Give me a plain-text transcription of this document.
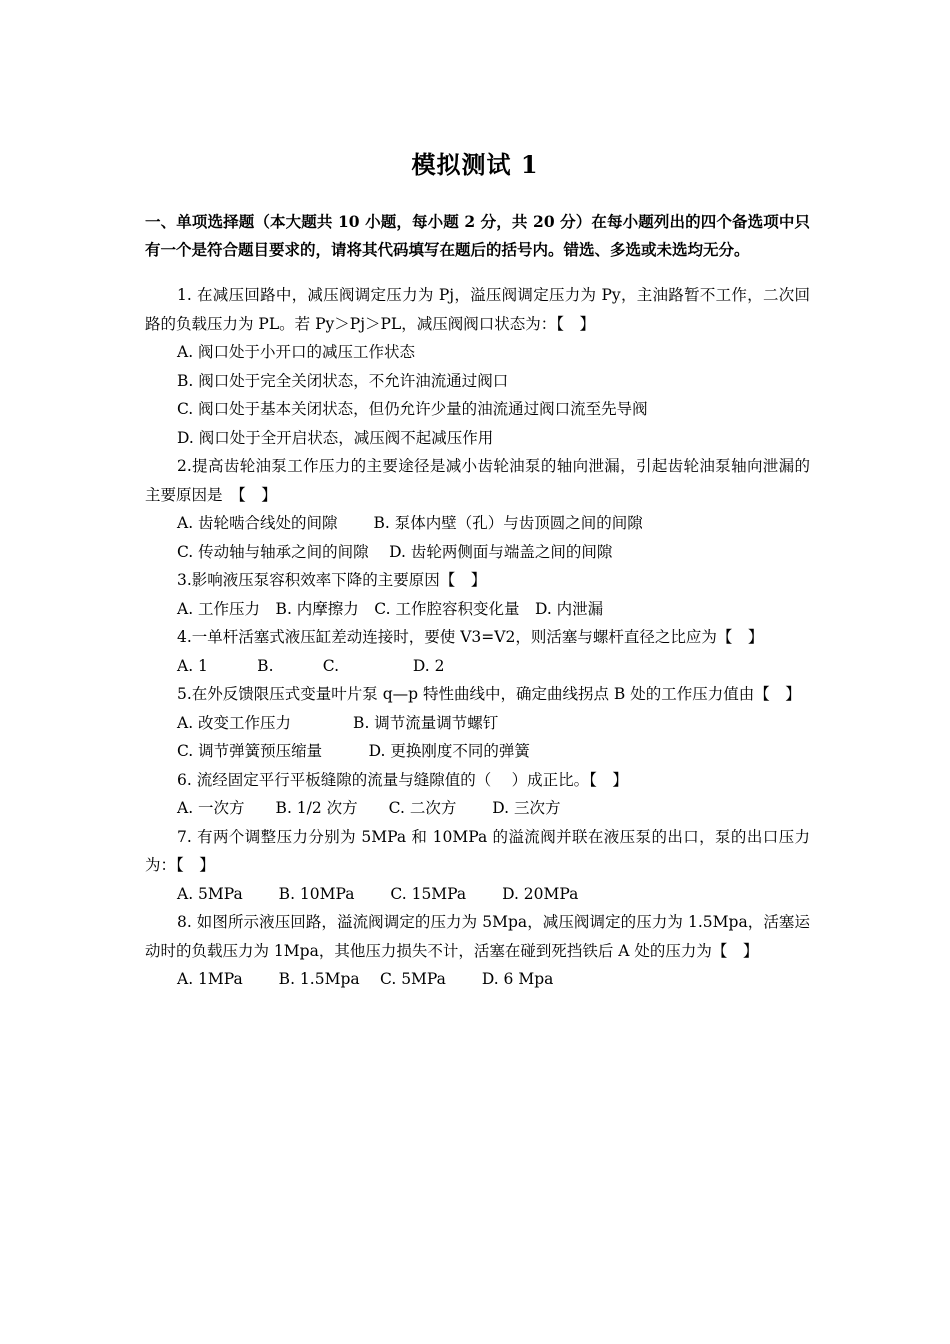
模拟测试 1
一、单项选择题（本大题共 10 小题，每小题 2 分，共 20 分）在每小题列出的四个备选项中只有一个是符合题目要求的，请将其代码填写在题后的括号内。错选、多选或未选均无分。

1. 在减压回路中，减压阀调定压力为 Pj，溢压阀调定压力为 Py，主油路暂不工作，二次回路的负载压力为 PL。若 Py＞Pj＞PL，减压阀阀口状态为：【　】

A. 阀口处于小开口的减压工作状态

B. 阀口处于完全关闭状态，不允许油流通过阀口

C. 阀口处于基本关闭状态，但仍允许少量的油流通过阀口流至先导阀

D. 阀口处于全开启状态，减压阀不起减压作用

2.提高齿轮油泵工作压力的主要途径是减小齿轮油泵的轴向泄漏，引起齿轮油泵轴向泄漏的主要原因是　【　】

A. 齿轮啮合线处的间隙　　 B. 泵体内壁（孔）与齿顶圆之间的间隙

C. 传动轴与轴承之间的间隙　 D. 齿轮两侧面与端盖之间的间隙

3.影响液压泵容积效率下降的主要原因【　】

A. 工作压力　B. 内摩擦力　C. 工作腔容积变化量　D. 内泄漏

4.一单杆活塞式液压缸差动连接时，要使 V3=V2，则活塞与螺杆直径之比应为【　】

A. 1          B.          C.               D. 2

5.在外反馈限压式变量叶片泵 q—p 特性曲线中，确定曲线拐点 B 处的工作压力值由【　】

A. 改变工作压力　　　　B. 调节流量调节螺钉

C. 调节弹簧预压缩量　　　D. 更换刚度不同的弹簧

6. 流经固定平行平板缝隙的流量与缝隙值的（　 ）成正比。【　】

A. 一次方　　B. 1/2 次方　　C. 二次方　　 D. 三次方

7. 有两个调整压力分别为 5MPa 和 10MPa 的溢流阀并联在液压泵的出口，泵的出口压力为：【　】

A. 5MPa　　 B. 10MPa　　 C. 15MPa　　 D. 20MPa

8. 如图所示液压回路，溢流阀调定的压力为 5Mpa，减压阀调定的压力为 1.5Mpa，活塞运动时的负载压力为 1Mpa，其他压力损失不计，活塞在碰到死挡铁后 A 处的压力为【　】

A. 1MPa　　 B. 1.5Mpa　 C. 5MPa　　 D. 6 Mpa
